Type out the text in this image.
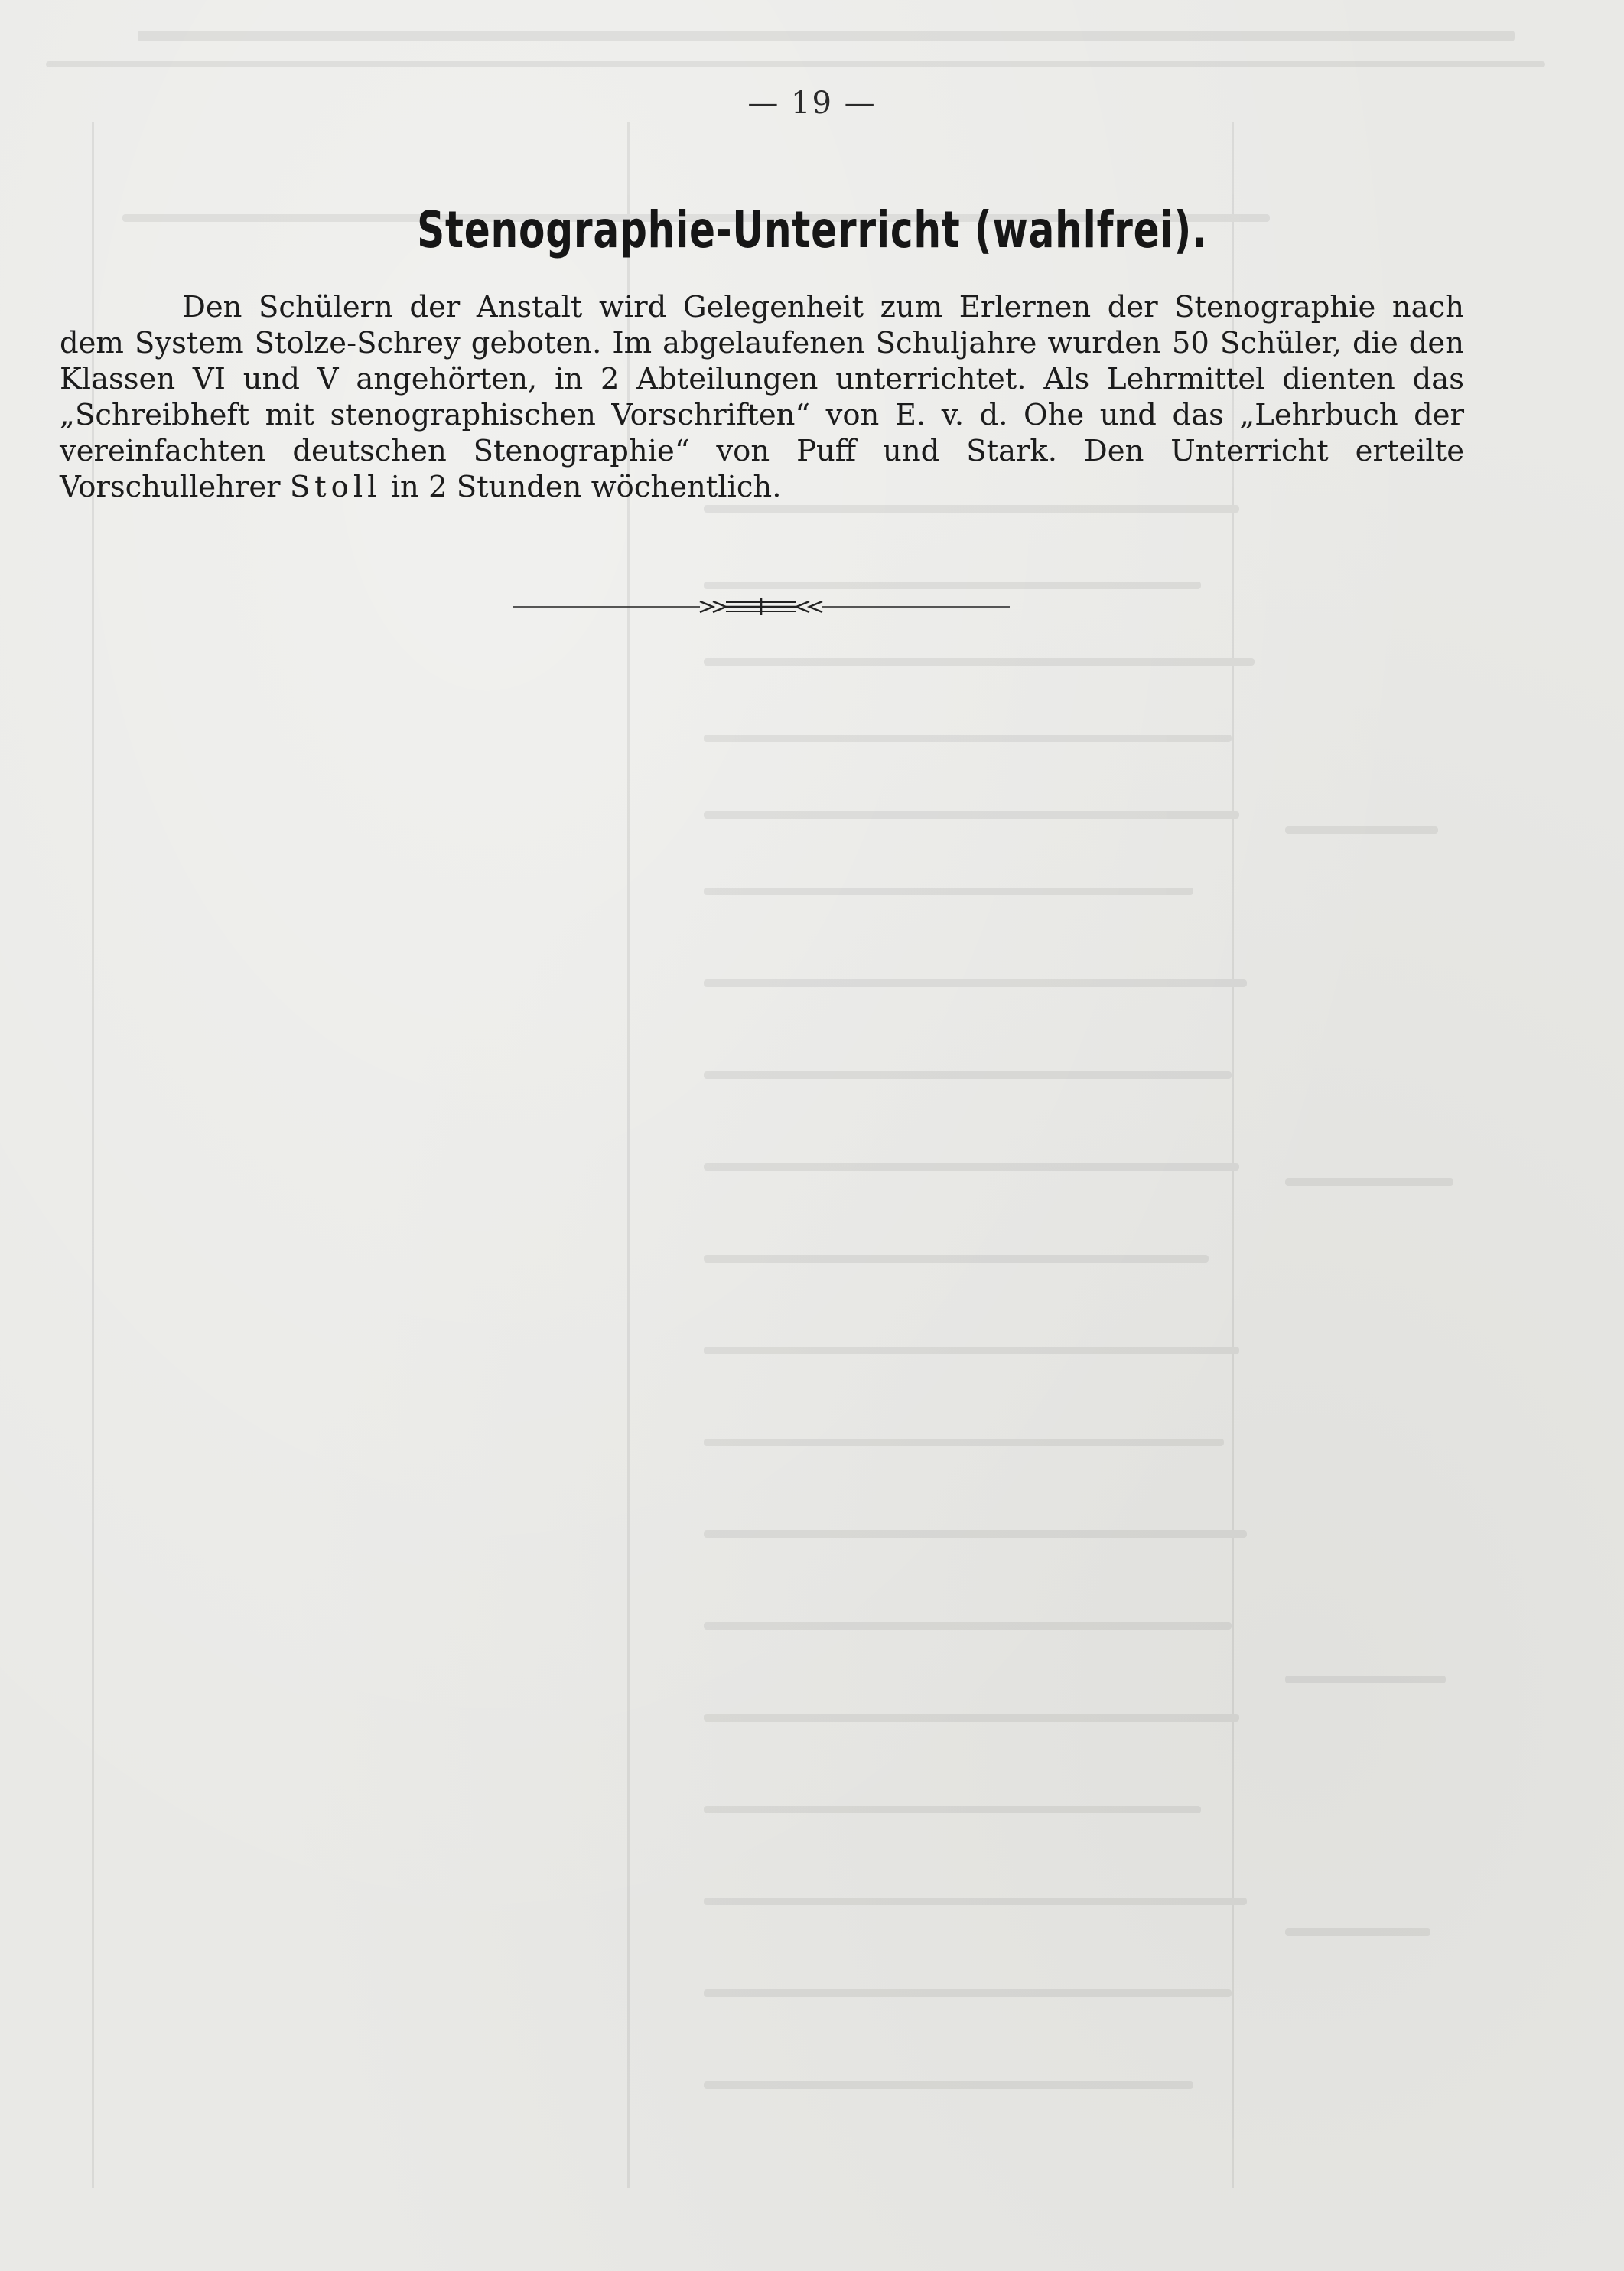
— 19 —
Stenographie-Unterricht (wahlfrei).

Den Schülern der Anstalt wird Gelegenheit zum Erlernen der Stenographie nach dem System Stolze-Schrey geboten. Im abgelaufenen Schuljahre wurden 50 Schüler, die den Klassen VI und V angehörten, in 2 Abteilungen unterrichtet. Als Lehrmittel dienten das „Schreibheft mit stenographischen Vorschriften“ von E. v. d. Ohe und das „Lehrbuch der vereinfachten deutschen Stenographie“ von Puff und Stark. Den Unterricht erteilte Vorschullehrer Stoll in 2 Stunden wöchentlich.
